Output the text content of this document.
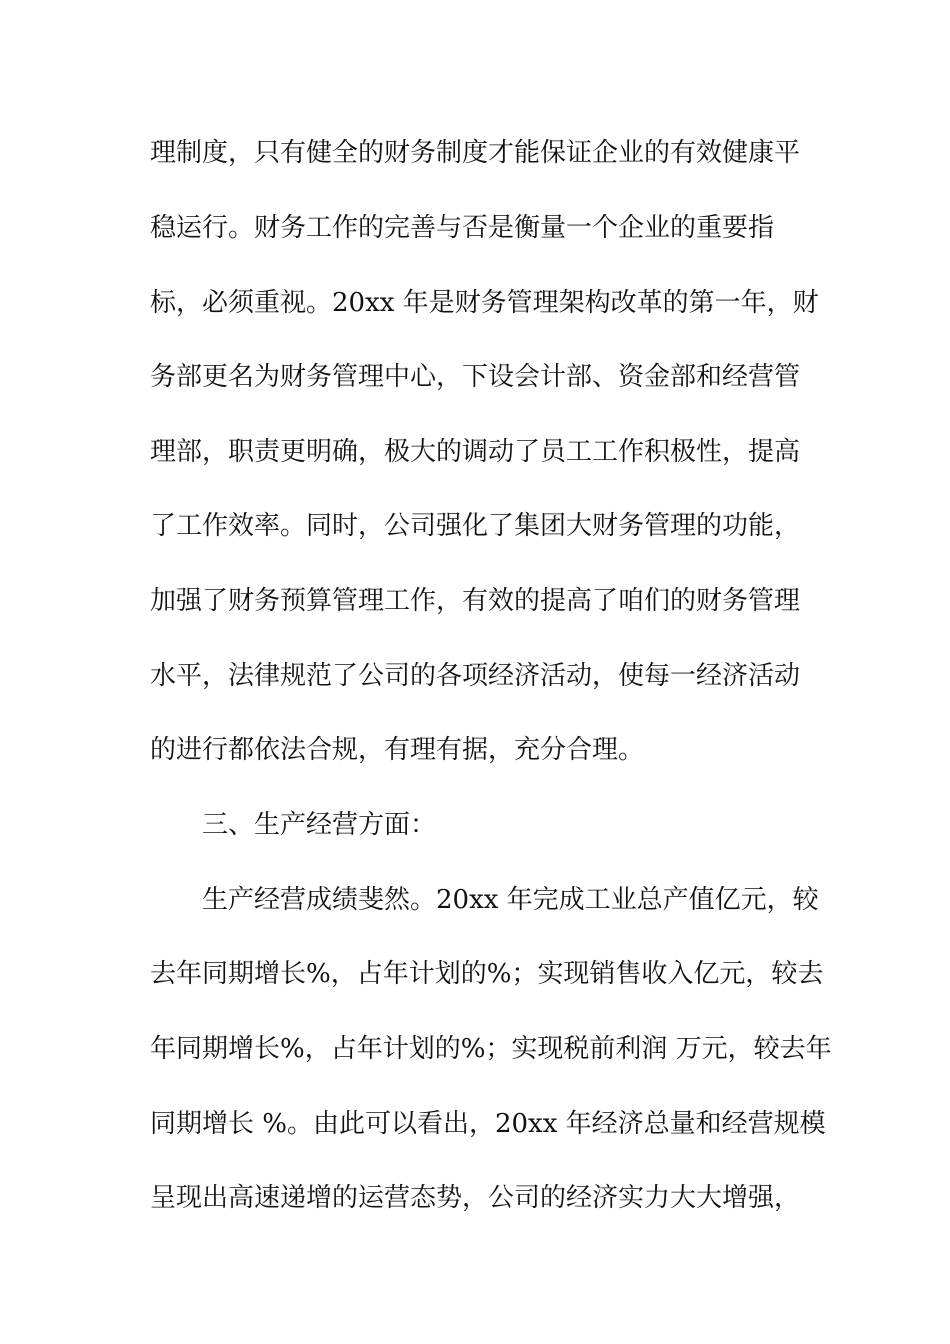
理制度，只有健全的财务制度才能保证企业的有效健康平

稳运行。财务工作的完善与否是衡量一个企业的重要指

标，必须重视。20xx 年是财务管理架构改革的第一年，财

务部更名为财务管理中心，下设会计部、资金部和经营管

理部，职责更明确，极大的调动了员工工作积极性，提高

了工作效率。同时，公司强化了集团大财务管理的功能，

加强了财务预算管理工作，有效的提高了咱们的财务管理

水平，法律规范了公司的各项经济活动，使每一经济活动

的进行都依法合规，有理有据，充分合理。

三、生产经营方面：

生产经营成绩斐然。20xx 年完成工业总产值亿元，较

去年同期增长%，占年计划的%；实现销售收入亿元，较去

年同期增长%，占年计划的%；实现税前利润 万元，较去年

同期增长 %。由此可以看出，20xx 年经济总量和经营规模

呈现出高速递增的运营态势，公司的经济实力大大增强，
